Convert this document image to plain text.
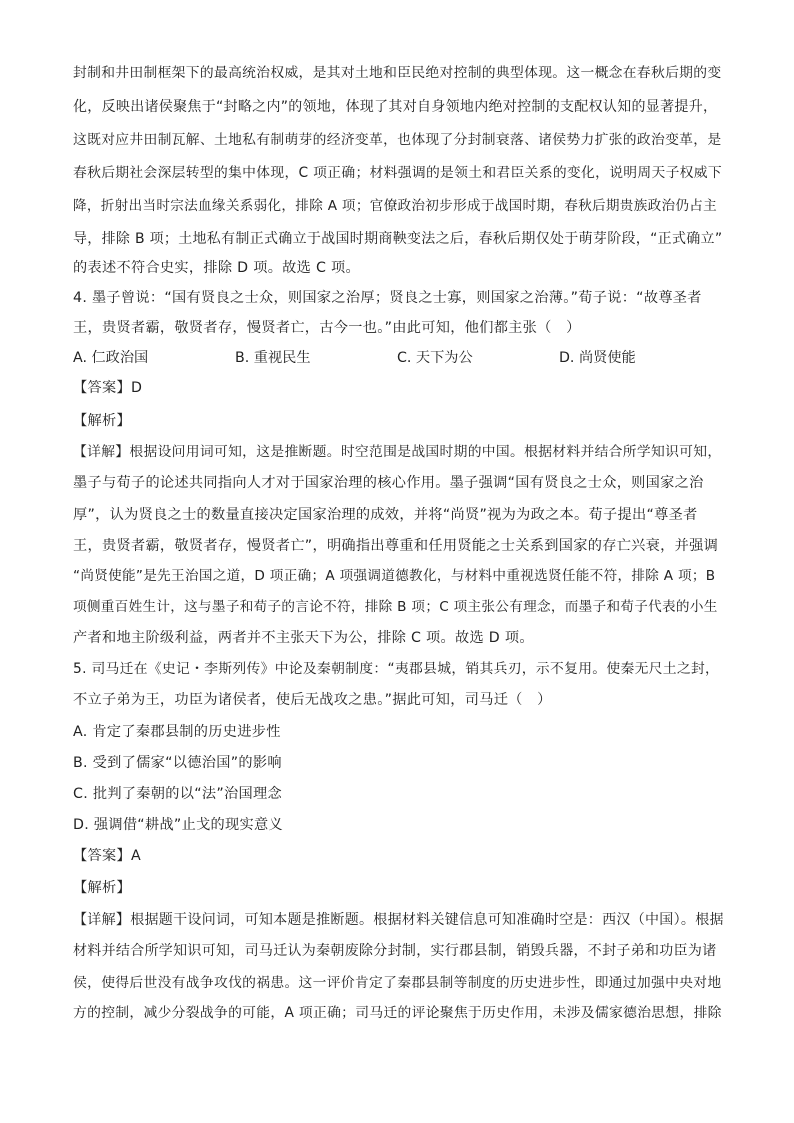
封制和井田制框架下的最高统治权威，是其对土地和臣民绝对控制的典型体现。这一概念在春秋后期的变
化，反映出诸侯聚焦于“封略之内”的领地，体现了其对自身领地内绝对控制的支配权认知的显著提升，
这既对应井田制瓦解、土地私有制萌芽的经济变革，也体现了分封制衰落、诸侯势力扩张的政治变革，是
春秋后期社会深层转型的集中体现，C 项正确；材料强调的是领土和君臣关系的变化，说明周天子权威下
降，折射出当时宗法血缘关系弱化，排除 A 项；官僚政治初步形成于战国时期，春秋后期贵族政治仍占主
导，排除 B 项；土地私有制正式确立于战国时期商鞅变法之后，春秋后期仅处于萌芽阶段，“正式确立”
的表述不符合史实，排除 D 项。故选 C 项。
4. 墨子曾说：“国有贤良之士众，则国家之治厚；贤良之士寡，则国家之治薄。”荀子说：“故尊圣者
王，贵贤者霸，敬贤者存，慢贤者亡，古今一也。”由此可知，他们都主张（　）
A. 仁政治国	B. 重视民生	C. 天下为公	D. 尚贤使能
【答案】D
【解析】
【详解】根据设问用词可知，这是推断题。时空范围是战国时期的中国。根据材料并结合所学知识可知，
墨子与荀子的论述共同指向人才对于国家治理的核心作用。墨子强调“国有贤良之士众，则国家之治
厚”，认为贤良之士的数量直接决定国家治理的成效，并将“尚贤”视为为政之本。荀子提出“尊圣者
王，贵贤者霸，敬贤者存，慢贤者亡”，明确指出尊重和任用贤能之士关系到国家的存亡兴衰，并强调
“尚贤使能”是先王治国之道，D 项正确；A 项强调道德教化，与材料中重视选贤任能不符，排除 A 项；B
项侧重百姓生计，这与墨子和荀子的言论不符，排除 B 项；C 项主张公有理念，而墨子和荀子代表的小生
产者和地主阶级利益，两者并不主张天下为公，排除 C 项。故选 D 项。
5. 司马迁在《史记・李斯列传》中论及秦朝制度：“夷郡县城，销其兵刃，示不复用。使秦无尺土之封，
不立子弟为王，功臣为诸侯者，使后无战攻之患。”据此可知，司马迁（　）
A. 肯定了秦郡县制的历史进步性
B. 受到了儒家“以德治国”的影响
C. 批判了秦朝的以“法”治国理念
D. 强调借“耕战”止戈的现实意义
【答案】A
【解析】
【详解】根据题干设问词，可知本题是推断题。根据材料关键信息可知准确时空是：西汉（中国）。根据
材料并结合所学知识可知，司马迁认为秦朝废除分封制，实行郡县制，销毁兵器，不封子弟和功臣为诸
侯，使得后世没有战争攻伐的祸患。这一评价肯定了秦郡县制等制度的历史进步性，即通过加强中央对地
方的控制，减少分裂战争的可能，A 项正确；司马迁的评论聚焦于历史作用，未涉及儒家德治思想，排除
